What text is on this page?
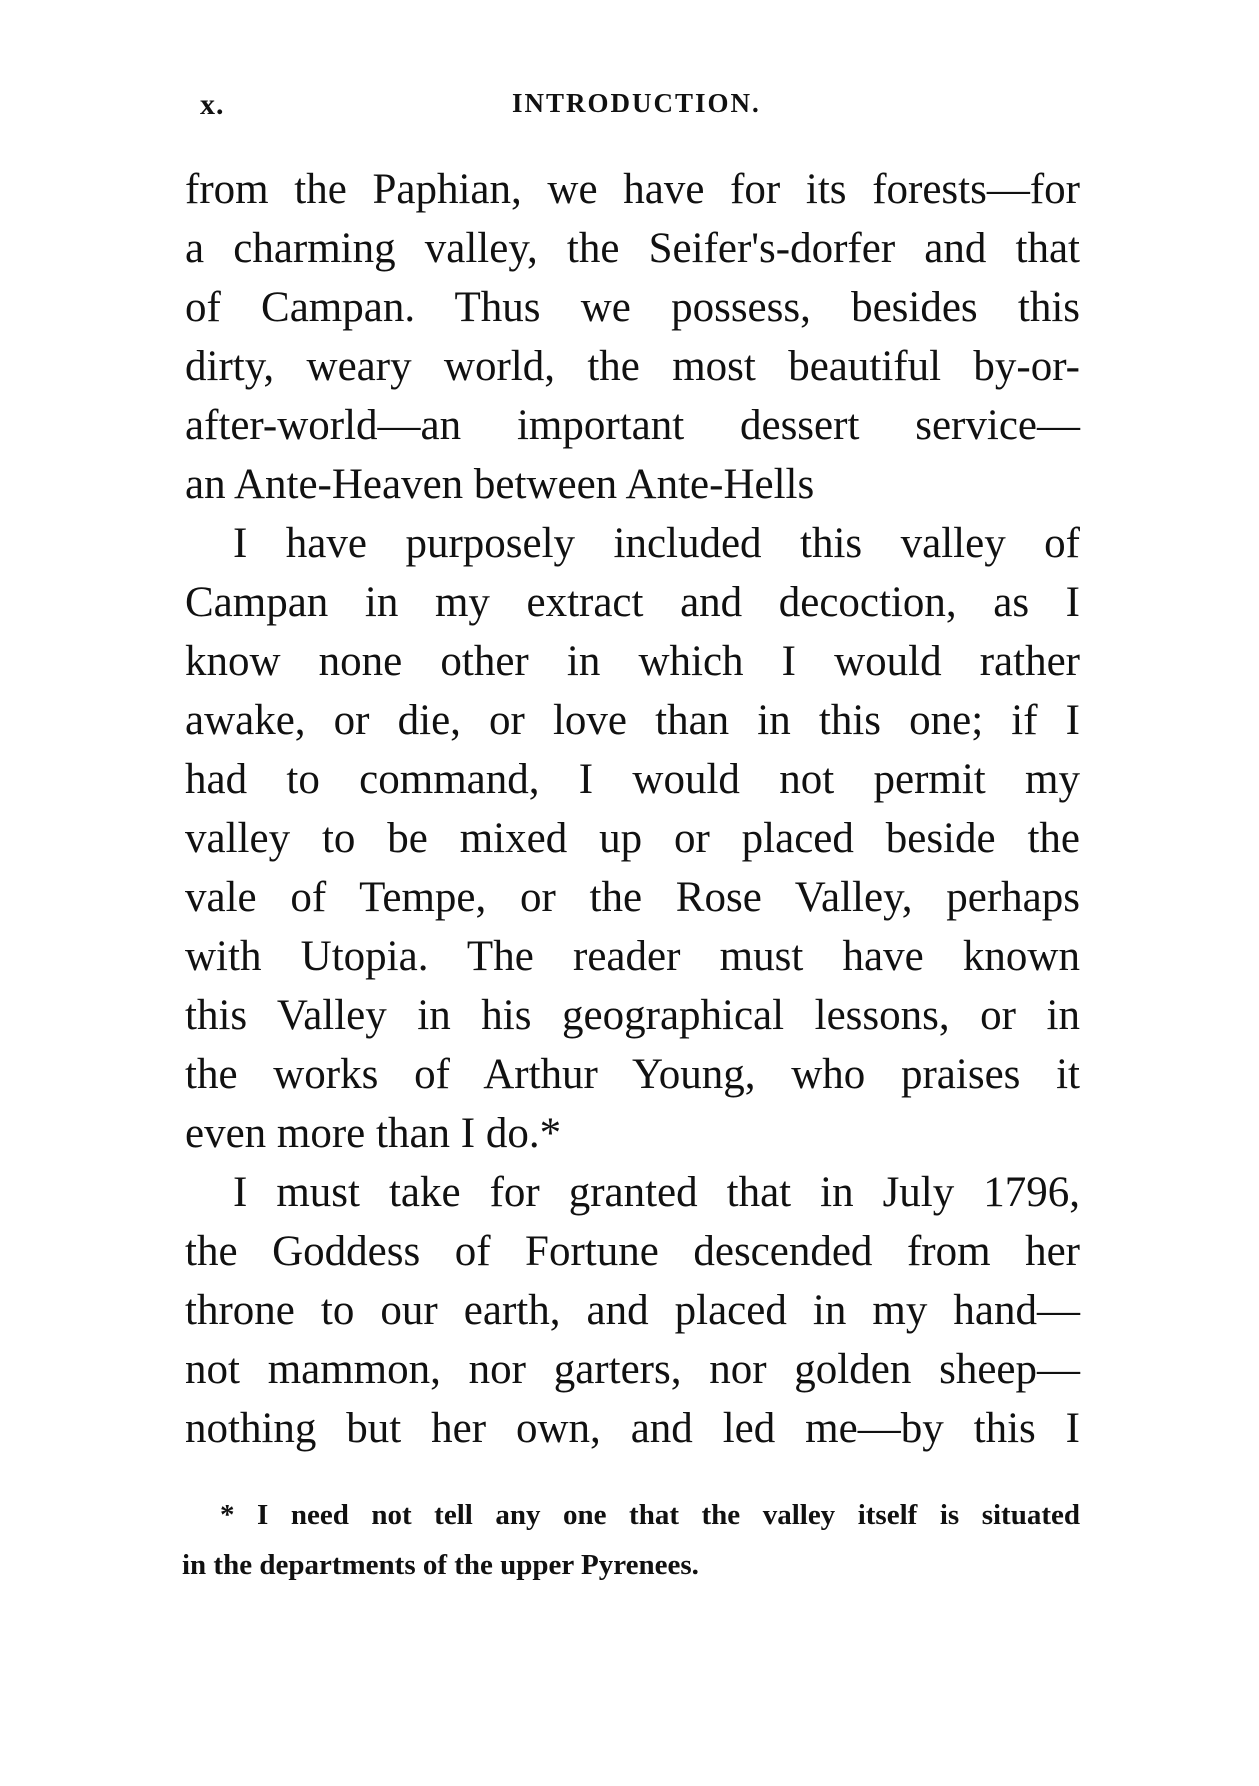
x.	INTRODUCTION.
from the Paphian, we have for its forests—for
a charming valley, the Seifer's-dorfer and that
of Campan. Thus we possess, besides this
dirty, weary world, the most beautiful by-or-
after-world—an important dessert service—
an Ante-Heaven between Ante-Hells
I have purposely included this valley of
Campan in my extract and decoction, as I
know none other in which I would rather
awake, or die, or love than in this one; if I
had to command, I would not permit my
valley to be mixed up or placed beside the
vale of Tempe, or the Rose Valley, perhaps
with Utopia. The reader must have known
this Valley in his geographical lessons, or in
the works of Arthur Young, who praises it
even more than I do.*
I must take for granted that in July 1796,
the Goddess of Fortune descended from her
throne to our earth, and placed in my hand—
not mammon, nor garters, nor golden sheep—
nothing but her own, and led me—by this I
* I need not tell any one that the valley itself is situated
in the departments of the upper Pyrenees.
